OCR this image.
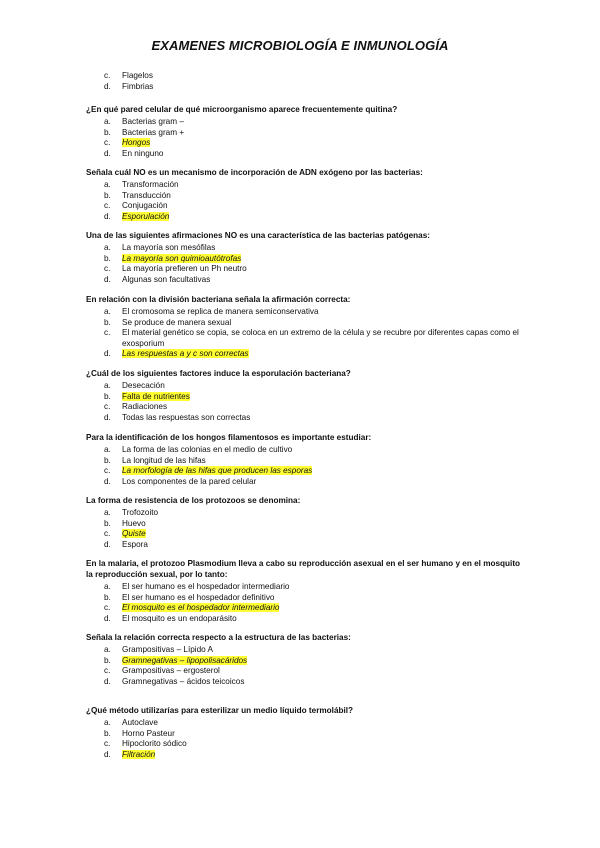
EXAMENES MICROBIOLOGÍA E INMUNOLOGÍA
c.	Flagelos
d.	Fimbrias
¿En qué pared celular de qué microorganismo aparece frecuentemente quitina?
a.	Bacterias gram –
b.	Bacterias gram +
c.	Hongos
d.	En ninguno
Señala cuál NO es un mecanismo de incorporación de ADN exógeno por las bacterias:
a.	Transformación
b.	Transducción
c.	Conjugación
d.	Esporulación
Una de las siguientes afirmaciones NO es una característica de las bacterias patógenas:
a.	La mayoría son mesófilas
b.	La mayoría son quimioautótrofas
c.	La mayoría prefieren un Ph neutro
d.	Algunas son facultativas
En relación con la división bacteriana señala la afirmación correcta:
a.	El cromosoma se replica de manera semiconservativa
b.	Se produce de manera sexual
c.	El material genético se copia, se coloca en un extremo de la célula y se recubre por diferentes capas como el exosporium
d.	Las respuestas a y c son correctas
¿Cuál de los siguientes factores induce la esporulación bacteriana?
a.	Desecación
b.	Falta de nutrientes
c.	Radiaciones
d.	Todas las respuestas son correctas
Para la identificación de los hongos filamentosos es importante estudiar:
a.	La forma de las colonias en el medio de cultivo
b.	La longitud de las hifas
c.	La morfología de las hifas que producen las esporas
d.	Los componentes de la pared celular
La forma de resistencia de los protozoos se denomina:
a.	Trofozoito
b.	Huevo
c.	Quiste
d.	Espora
En la malaria, el protozoo Plasmodium lleva a cabo su reproducción asexual en el ser humano y en el mosquito la reproducción sexual, por lo tanto:
a.	El ser humano es el hospedador intermediario
b.	El ser humano es el hospedador definitivo
c.	El mosquito es el hospedador intermediario
d.	El mosquito es un endoparásito
Señala la relación correcta respecto a la estructura de las bacterias:
a.	Grampositivas – Lípido A
b.	Gramnegativas – lipopolisacáridos
c.	Grampositivas – ergosterol
d.	Gramnegativas – ácidos teicoicos
¿Qué método utilizarías para esterilizar un medio líquido termolábil?
a.	Autoclave
b.	Horno Pasteur
c.	Hipoclorito sódico
d.	Filtración
